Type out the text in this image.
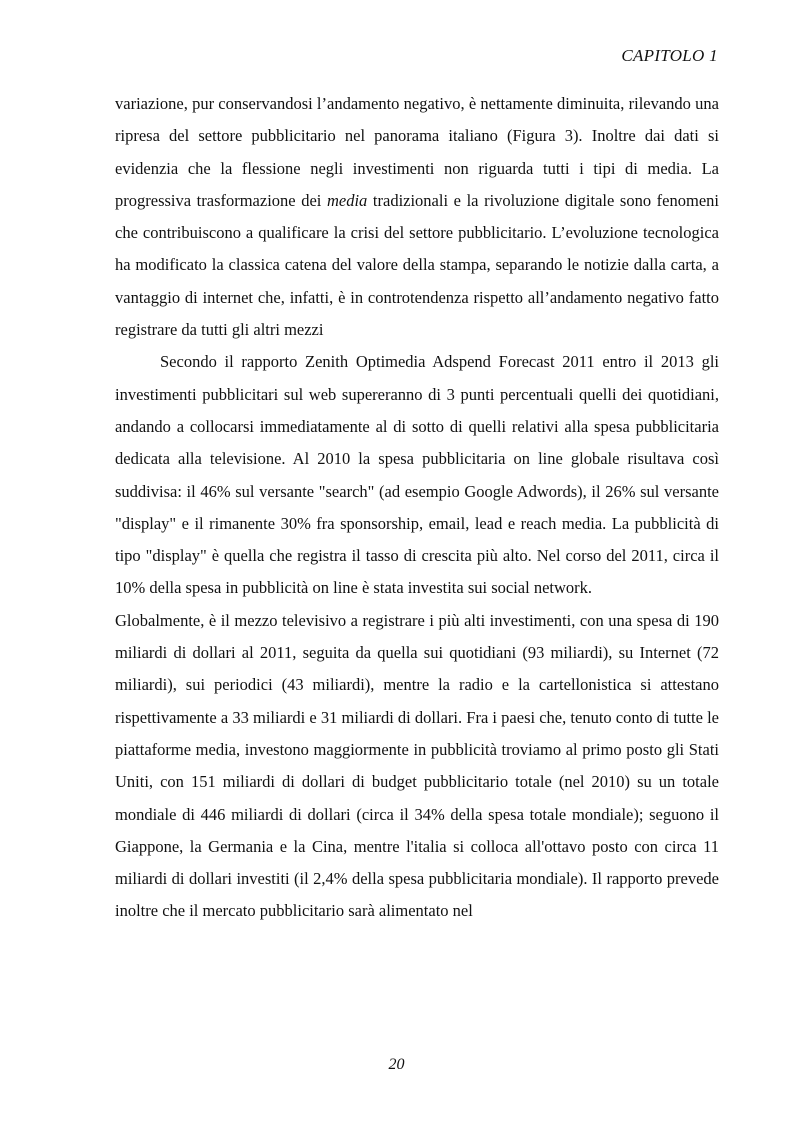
CAPITOLO 1

variazione, pur conservandosi l’andamento negativo, è nettamente diminuita, rilevando una ripresa del settore pubblicitario nel panorama italiano (Figura 3). Inoltre dai dati si evidenzia che la flessione negli investimenti non riguarda tutti i tipi di media. La progressiva trasformazione dei media tradizionali e la rivoluzione digitale sono fenomeni che contribuiscono a qualificare la crisi del settore pubblicitario. L’evoluzione tecnologica ha modificato la classica catena del valore della stampa, separando le notizie dalla carta, a vantaggio di internet che, infatti, è in controtendenza rispetto all’andamento negativo fatto registrare da tutti gli altri mezzi

Secondo il rapporto Zenith Optimedia Adspend Forecast 2011 entro il 2013 gli investimenti pubblicitari sul web supereranno di 3 punti percentuali quelli dei quotidiani, andando a collocarsi immediatamente al di sotto di quelli relativi alla spesa pubblicitaria dedicata alla televisione. Al 2010 la spesa pubblicitaria on line globale risultava così suddivisa: il 46% sul versante "search" (ad esempio Google Adwords), il 26% sul versante "display" e il rimanente 30% fra sponsorship, email, lead e reach media. La pubblicità di tipo "display" è quella che registra il tasso di crescita più alto. Nel corso del 2011, circa il 10% della spesa in pubblicità on line è stata investita sui social network.

Globalmente, è il mezzo televisivo a registrare i più alti investimenti, con una spesa di 190 miliardi di dollari al 2011, seguita da quella sui quotidiani (93 miliardi), su Internet (72 miliardi), sui periodici (43 miliardi), mentre la radio e la cartellonistica si attestano rispettivamente a 33 miliardi e 31 miliardi di dollari. Fra i paesi che, tenuto conto di tutte le piattaforme media, investono maggiormente in pubblicità troviamo al primo posto gli Stati Uniti, con 151 miliardi di dollari di budget pubblicitario totale (nel 2010) su un totale mondiale di 446 miliardi di dollari (circa il 34% della spesa totale mondiale); seguono il Giappone, la Germania e la Cina, mentre l'italia si colloca all'ottavo posto con circa 11 miliardi di dollari investiti (il 2,4% della spesa pubblicitaria mondiale). Il rapporto prevede inoltre che il mercato pubblicitario sarà alimentato nel

20
